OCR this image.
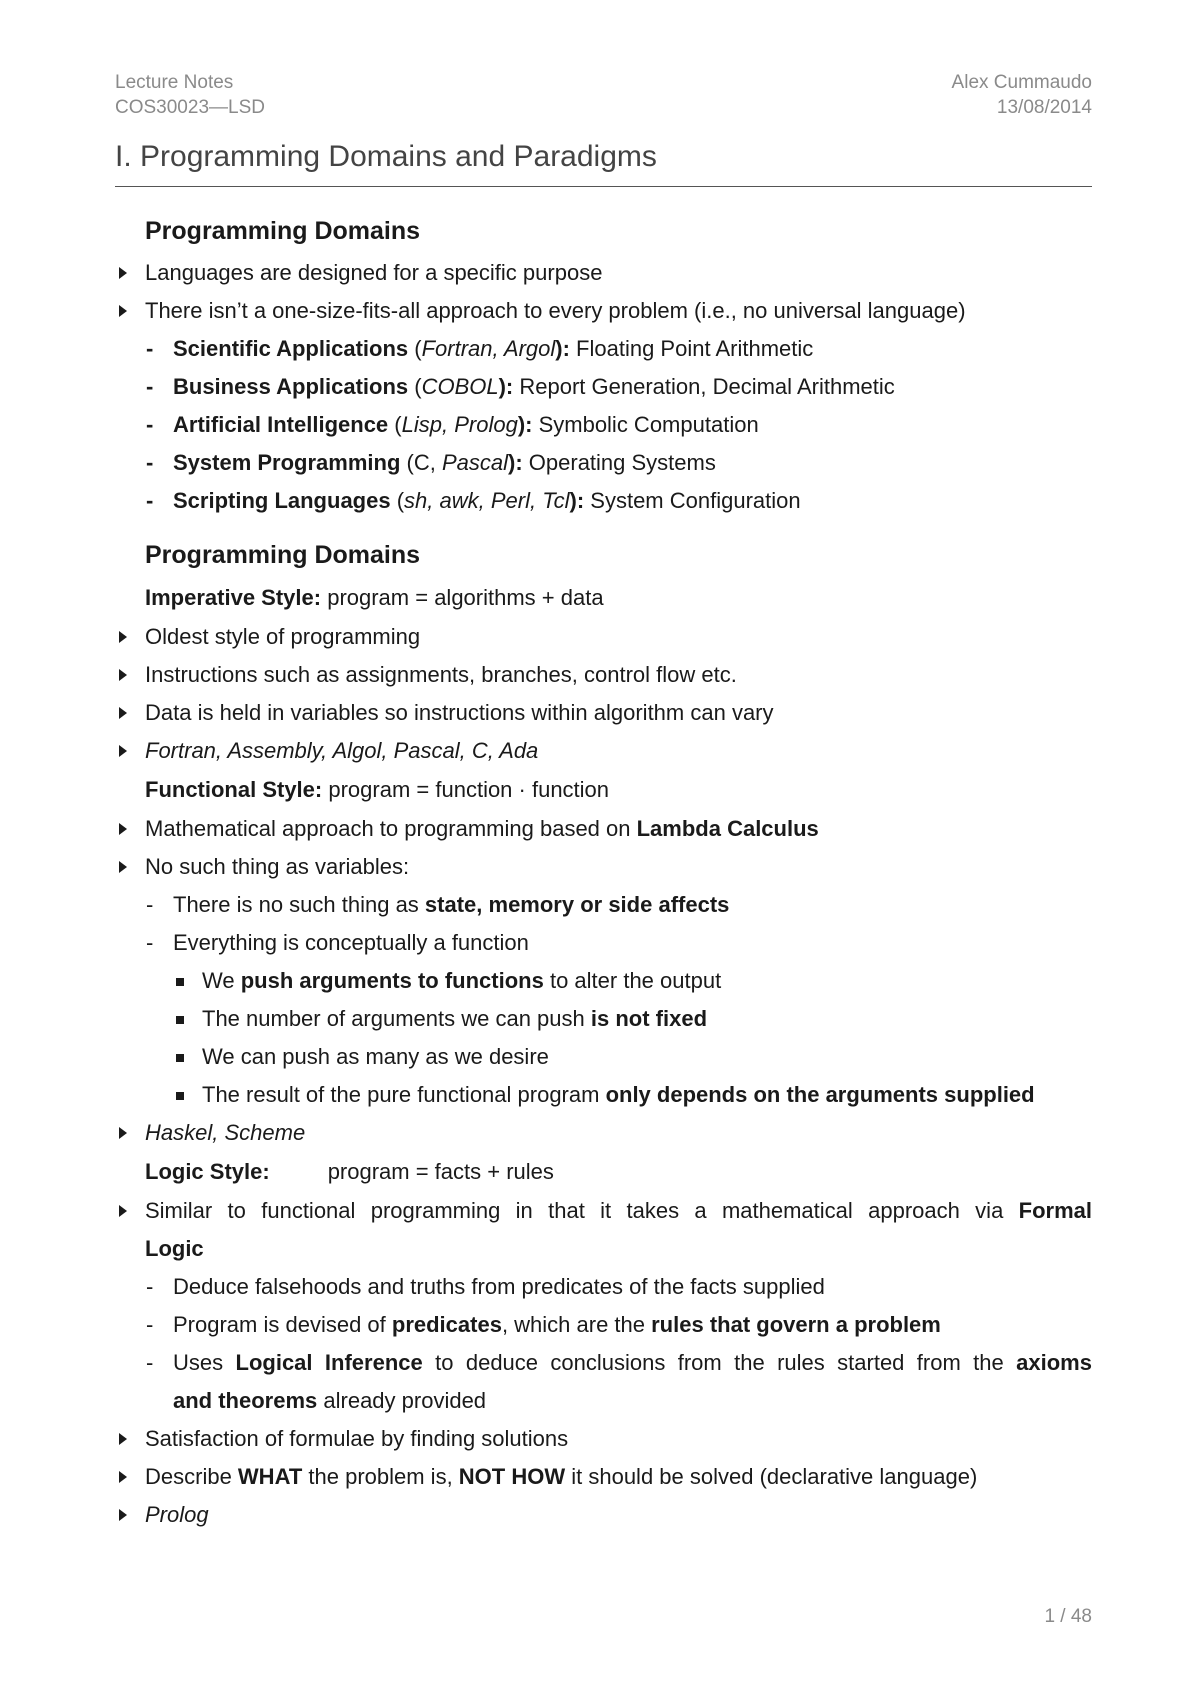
Lecture Notes
COS30023—LSD
Alex Cummaudo
13/08/2014
I. Programming Domains and Paradigms
Programming Domains
Languages are designed for a specific purpose
There isn’t a one-size-fits-all approach to every problem (i.e., no universal language)
- Scientific Applications (Fortran, Argol): Floating Point Arithmetic
- Business Applications (COBOL): Report Generation, Decimal Arithmetic
- Artificial Intelligence (Lisp, Prolog): Symbolic Computation
- System Programming (C, Pascal): Operating Systems
- Scripting Languages (sh, awk, Perl, Tcl): System Configuration
Programming Domains
Imperative Style: program = algorithms + data
Oldest style of programming
Instructions such as assignments, branches, control flow etc.
Data is held in variables so instructions within algorithm can vary
Fortran, Assembly, Algol, Pascal, C, Ada
Functional Style: program = function · function
Mathematical approach to programming based on Lambda Calculus
No such thing as variables:
- There is no such thing as state, memory or side affects
- Everything is conceptually a function
We push arguments to functions to alter the output
The number of arguments we can push is not fixed
We can push as many as we desire
The result of the pure functional program only depends on the arguments supplied
Haskel, Scheme
Logic Style:	program = facts + rules
Similar to functional programming in that it takes a mathematical approach via Formal
Logic
- Deduce falsehoods and truths from predicates of the facts supplied
- Program is devised of predicates, which are the rules that govern a problem
- Uses Logical Inference to deduce conclusions from the rules started from the axioms
and theorems already provided
Satisfaction of formulae by finding solutions
Describe WHAT the problem is, NOT HOW it should be solved (declarative language)
Prolog
1 / 48
